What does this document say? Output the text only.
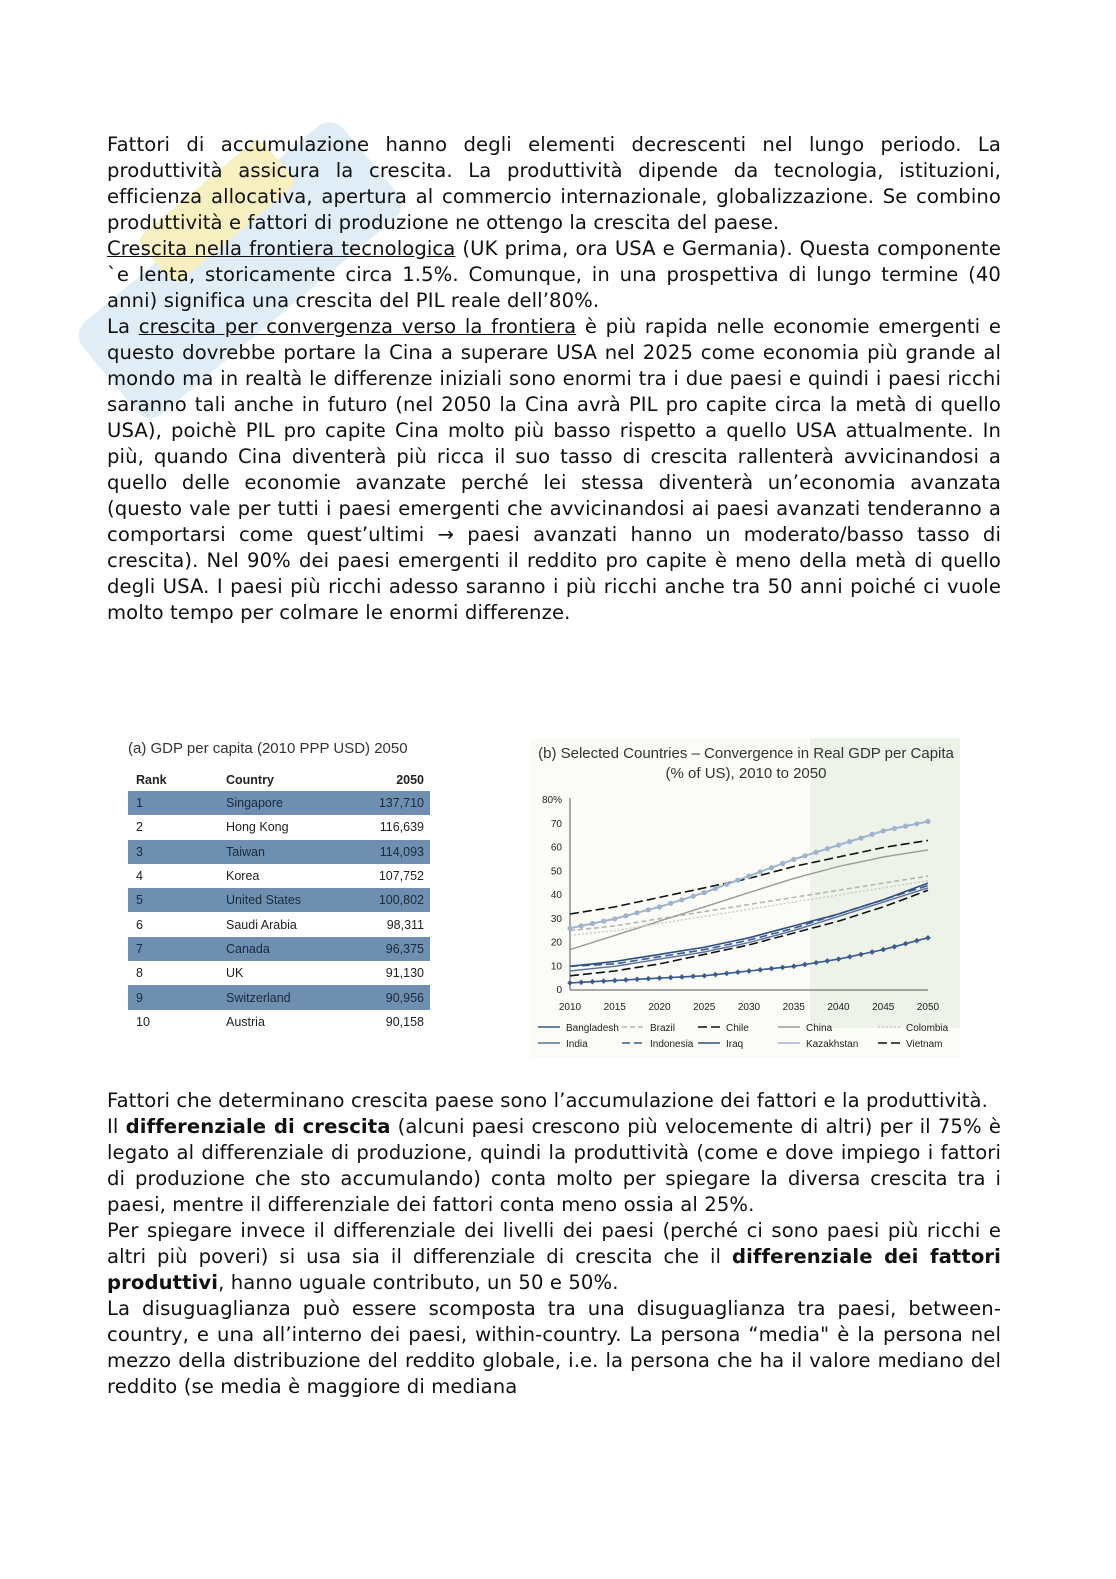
Fattori di accumulazione hanno degli elementi decrescenti nel lungo periodo. La produttività assicura la crescita. La produttività dipende da tecnologia, istituzioni, efficienza allocativa, apertura al commercio internazionale, globalizzazione. Se combino produttività e fattori di produzione ne ottengo la crescita del paese.

Crescita nella frontiera tecnologica (UK prima, ora USA e Germania). Questa componente `e lenta, storicamente circa 1.5%. Comunque, in una prospettiva di lungo termine (40 anni) significa una crescita del PIL reale dell’80%.

La crescita per convergenza verso la frontiera è più rapida nelle economie emergenti e questo dovrebbe portare la Cina a superare USA nel 2025 come economia più grande al mondo ma in realtà le differenze iniziali sono enormi tra i due paesi e quindi i paesi ricchi saranno tali anche in futuro (nel 2050 la Cina avrà PIL pro capite circa la metà di quello USA), poichè PIL pro capite Cina molto più basso rispetto a quello USA attualmente. In più, quando Cina diventerà più ricca il suo tasso di crescita rallenterà avvicinandosi a quello delle economie avanzate perché lei stessa diventerà un’economia avanzata (questo vale per tutti i paesi emergenti che avvicinandosi ai paesi avanzati tenderanno a comportarsi come quest’ultimi → paesi avanzati hanno un moderato/basso tasso di crescita). Nel 90% dei paesi emergenti il reddito pro capite è meno della metà di quello degli USA. I paesi più ricchi adesso saranno i più ricchi anche tra 50 anni poiché ci vuole molto tempo per colmare le enormi differenze.

(a) GDP per capita (2010 PPP USD) 2050
Rank	Country	2050
1	Singapore	137,710
2	Hong Kong	116,639
3	Taiwan	114,093
4	Korea	107,752
5	United States	100,802
6	Saudi Arabia	98,311
7	Canada	96,375
8	UK	91,130
9	Switzerland	90,956
10	Austria	90,158
0
10
20
30
40
50
60
70
80%
2010 2015 2020 2025 2030 2035 2040 2045 2050
Bangladesh	Brazil	Chile	China	Colombia
India	Indonesia	Iraq	Kazakhstan	Vietnam
(b) Selected Countries – Convergence in Real GDP per Capita (% of US), 2010 to 2050

Fattori che determinano crescita paese sono l’accumulazione dei fattori e la produttività.

Il differenziale di crescita (alcuni paesi crescono più velocemente di altri) per il 75% è legato al differenziale di produzione, quindi la produttività (come e dove impiego i fattori di produzione che sto accumulando) conta molto per spiegare la diversa crescita tra i paesi, mentre il differenziale dei fattori conta meno ossia al 25%.

Per spiegare invece il differenziale dei livelli dei paesi (perché ci sono paesi più ricchi e altri più poveri) si usa sia il differenziale di crescita che il differenziale dei fattori produttivi, hanno uguale contributo, un 50 e 50%.

La disuguaglianza può essere scomposta tra una disuguaglianza tra paesi, between-country, e una all’interno dei paesi, within-country. La persona “media" è la persona nel mezzo della distribuzione del reddito globale, i.e. la persona che ha il valore mediano del reddito (se media è maggiore di mediana
